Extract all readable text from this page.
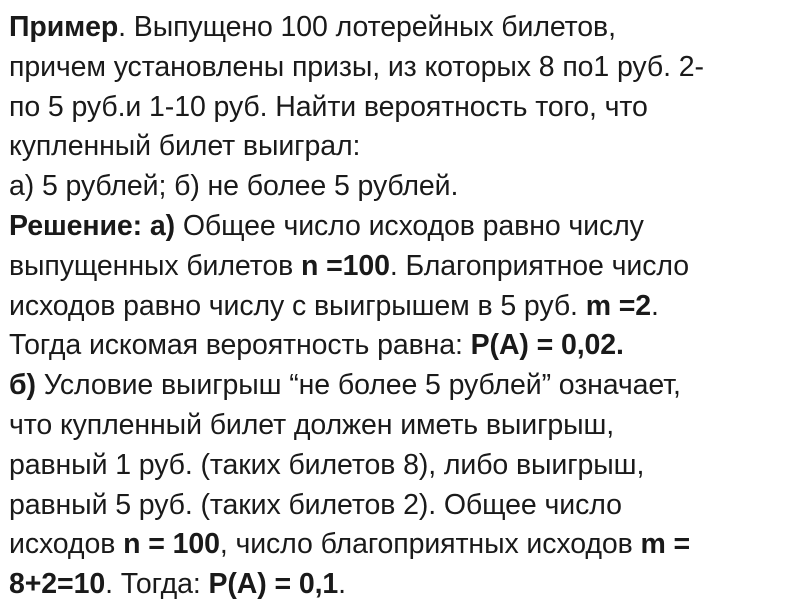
Пример. Выпущено 100 лотерейных билетов,
причем установлены призы, из которых 8 по1 руб. 2-
по 5 руб.и 1-10 руб. Найти вероятность того, что
купленный билет выиграл:
а) 5 рублей; б) не более 5 рублей.
Решение: а) Общее число исходов равно числу
выпущенных билетов n =100. Благоприятное число
исходов равно числу с выигрышем в 5 руб. m =2.
Тогда искомая вероятность равна: P(A) = 0,02.
б) Условие выигрыш “не более 5 рублей” означает,
что купленный билет должен иметь выигрыш,
равный 1 руб. (таких билетов 8), либо выигрыш,
равный 5 руб. (таких билетов 2). Общее число
исходов n = 100, число благоприятных исходов m =
8+2=10. Тогда: P(A) = 0,1.
